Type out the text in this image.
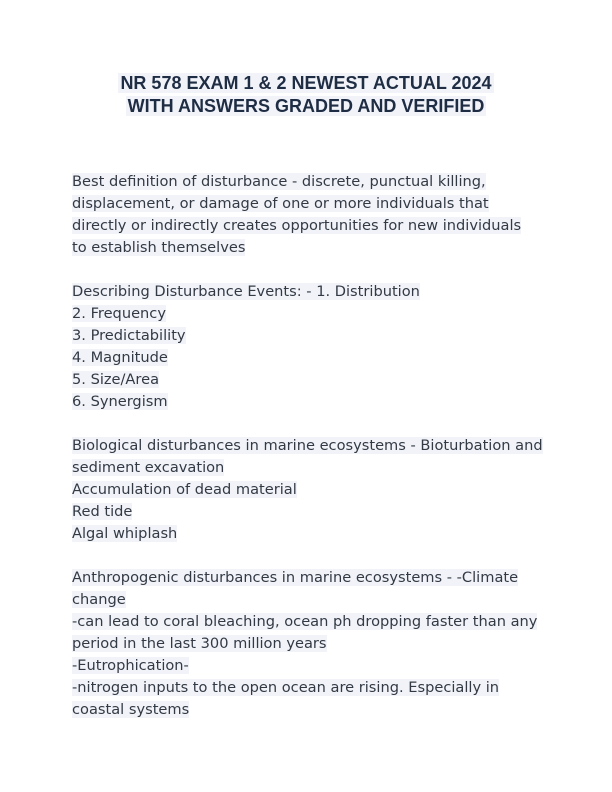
NR 578 EXAM 1 & 2 NEWEST ACTUAL 2024
WITH ANSWERS GRADED AND VERIFIED
Best definition of disturbance - discrete, punctual killing,
displacement, or damage of one or more individuals that
directly or indirectly creates opportunities for new individuals
to establish themselves
Describing Disturbance Events: - 1. Distribution
2. Frequency
3. Predictability
4. Magnitude
5. Size/Area
6. Synergism
Biological disturbances in marine ecosystems - Bioturbation and
sediment excavation
Accumulation of dead material
Red tide
Algal whiplash
Anthropogenic disturbances in marine ecosystems - -Climate
change
-can lead to coral bleaching, ocean ph dropping faster than any
period in the last 300 million years
-Eutrophication-
-nitrogen inputs to the open ocean are rising. Especially in
coastal systems
